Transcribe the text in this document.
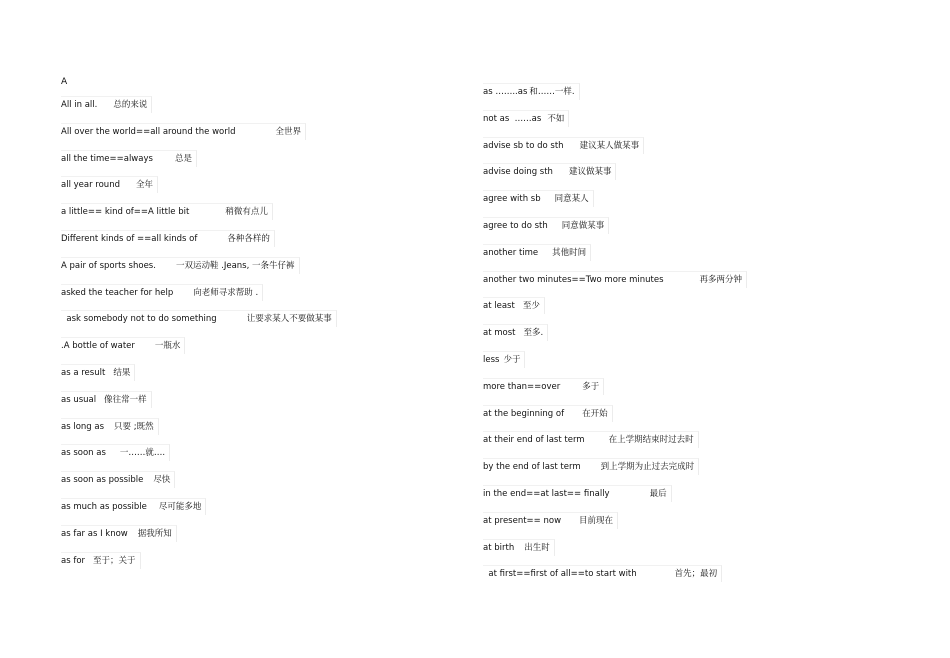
A
All in all. 总的来说
All over the world==all around the world	全世界
all the time==always	总是
all year round 全年
a little== kind of==A little bit	稍微有点儿
Different kinds of ==all kinds of	各种各样的
A pair of sports shoes. 一双运动鞋 .Jeans, 一条牛仔裤
asked the teacher for help 向老师寻求帮助 .
ask somebody not to do something	让要求某人不要做某事
.A bottle of water 一瓶水
as a result 结果
as usual 像往常一样
as long as 只要 ;既然
as soon as 一……就….
as soon as possible 尽快
as much as possible 尽可能多地
as far as I know 据我所知
as for 至于；关于
as ……..as 和……一样.
not as  ……as 不如
advise sb to do sth 建议某人做某事
advise doing sth 建议做某事
agree with sb 同意某人
agree to do sth 同意做某事
another time 其他时间
another two minutes==Two more minutes	再多两分钟
at least 至少
at most 至多.
less 少于
more than==over	多于
at the beginning of 在开始
at their end of last term	在上学期结束时过去时
by the end of last term 到上学期为止过去完成时
in the end==at last== finally	最后
at present== now 目前现在
at birth 出生时
at first==first of all==to start with	首先；最初
